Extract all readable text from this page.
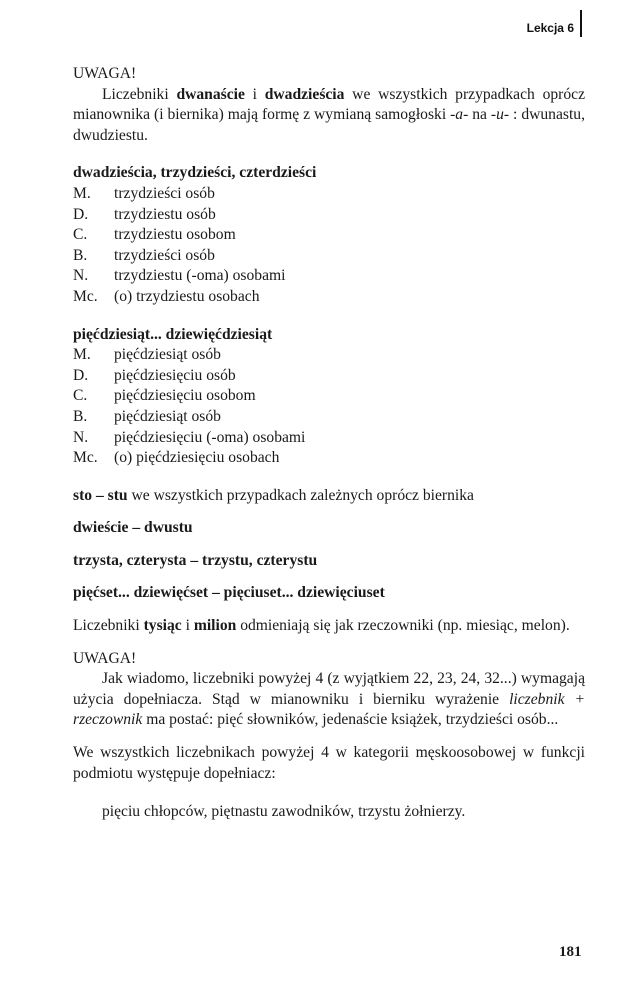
Lekcja 6

UWAGA!

Liczebniki dwanaście i dwadzieścia we wszystkich przypadkach oprócz mianownika (i biernika) mają formę z wymianą samogłoski -a- na -u- : dwunastu, dwudziestu.

dwadzieścia, trzydzieści, czterdzieści

M.	trzydzieści osób
D.	trzydziestu osób
C.	trzydziestu osobom
B.	trzydzieści osób
N.	trzydziestu (-oma) osobami
Mc.	(o) trzydziestu osobach

pięćdziesiąt... dziewięćdziesiąt

M.	pięćdziesiąt osób
D.	pięćdziesięciu osób
C.	pięćdziesięciu osobom
B.	pięćdziesiąt osób
N.	pięćdziesięciu (-oma) osobami
Mc.	(o) pięćdziesięciu osobach

sto – stu we wszystkich przypadkach zależnych oprócz biernika

dwieście – dwustu

trzysta, czterysta – trzystu, czterystu

pięćset... dziewięćset – pięciuset... dziewięciuset

Liczebniki tysiąc i milion odmieniają się jak rzeczowniki (np. miesiąc, melon).

UWAGA!

Jak wiadomo, liczebniki powyżej 4 (z wyjątkiem 22, 23, 24, 32...) wymagają użycia dopełniacza. Stąd w mianowniku i bierniku wyrażenie liczebnik + rzeczownik ma postać: pięć słowników, jedenaście książek, trzydzieści osób...

We wszystkich liczebnikach powyżej 4 w kategorii męskoosobowej w funkcji podmiotu występuje dopełniacz:

pięciu chłopców, piętnastu zawodników, trzystu żołnierzy.

181
